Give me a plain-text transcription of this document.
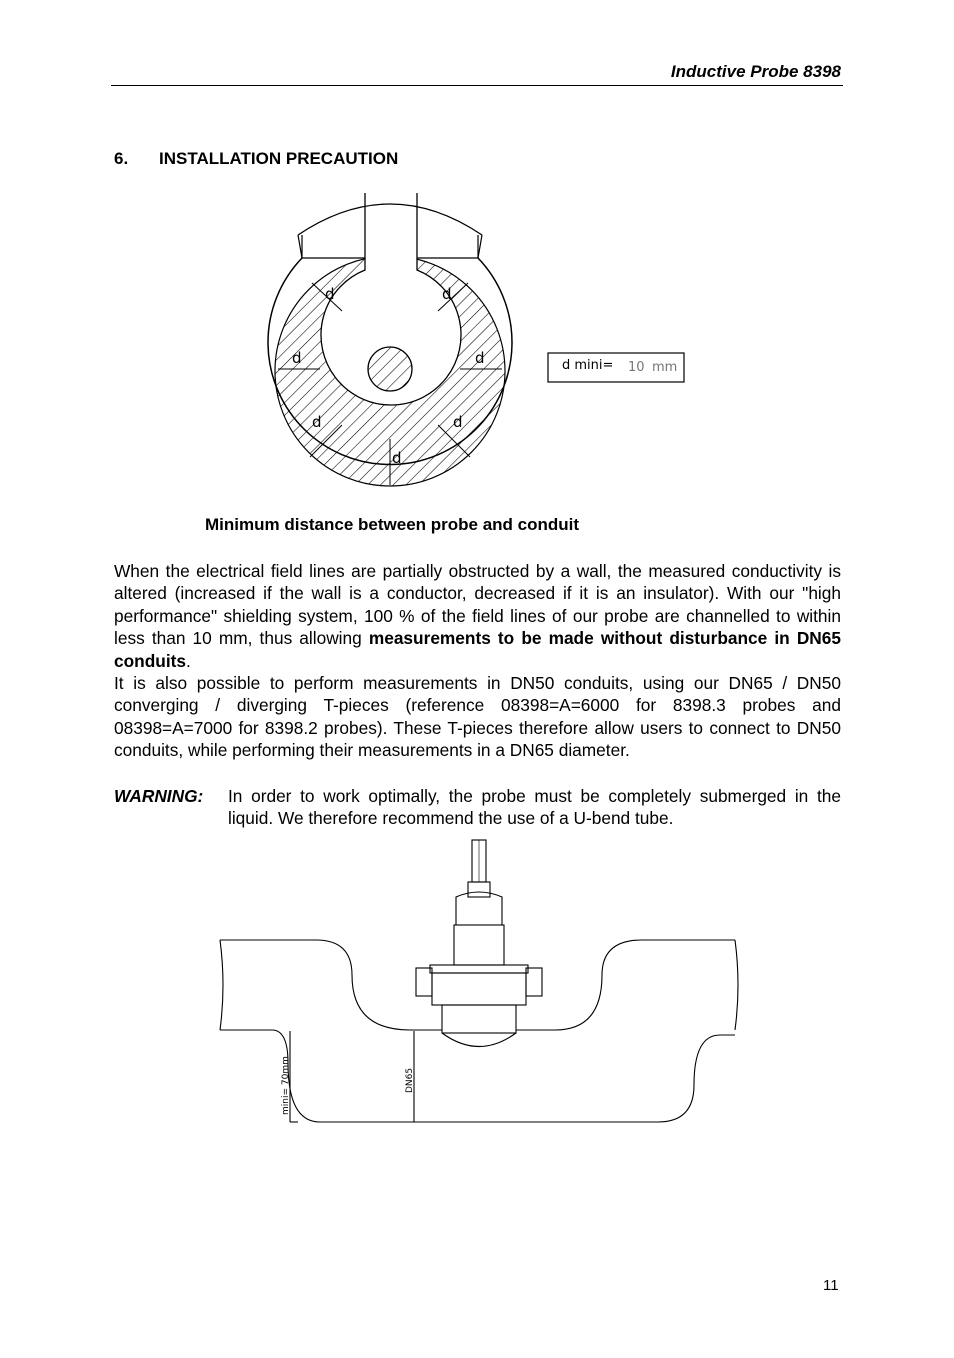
Inductive Probe 8398
6. INSTALLATION PRECAUTION
d	d
d	d
d	d
d
d mini= 10 mm
Minimum distance between probe and conduit

When the electrical field lines are partially obstructed by a wall, the measured conductivity is altered (increased if the wall is a conductor, decreased if it is an insulator). With our "high performance" shielding system, 100 % of the field lines of our probe are channelled to within less than 10 mm, thus allowing measurements to be made without disturbance in DN65 conduits.

It is also possible to perform measurements in DN50 conduits, using our DN65 / DN50 converging / diverging T-pieces (reference 08398=A=6000 for 8398.3 probes and 08398=A=7000 for 8398.2 probes). These T-pieces therefore allow users to connect to DN50 conduits, while performing their measurements in a DN65 diameter.

WARNING: In order to work optimally, the probe must be completely submerged in the liquid. We therefore recommend the use of a U-bend tube.
mini= 70mm	DN65
11
